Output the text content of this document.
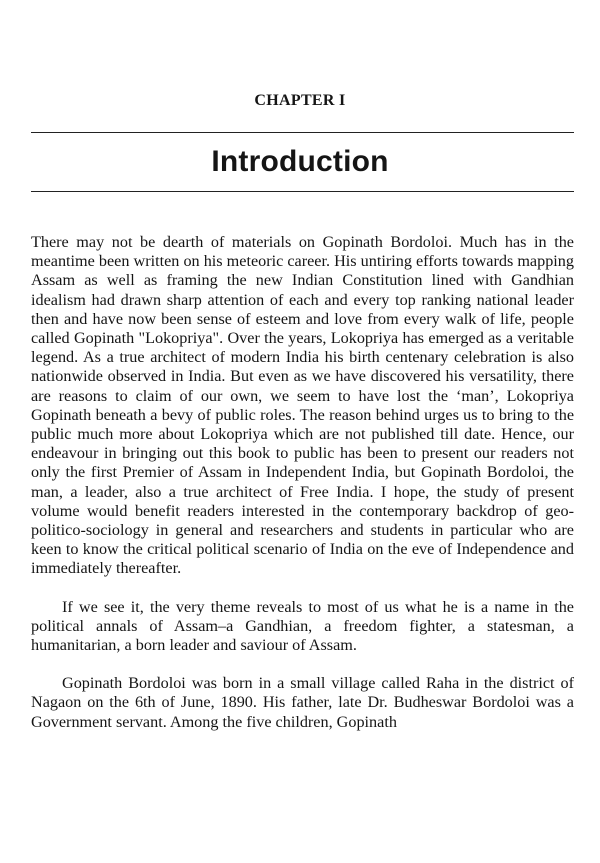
CHAPTER I
Introduction

There may not be dearth of materials on Gopinath Bordoloi. Much has in the meantime been written on his meteoric career. His untiring efforts towards mapping Assam as well as framing the new Indian Constitution lined with Gandhian idealism had drawn sharp attention of each and every top ranking national leader then and have now been sense of esteem and love from every walk of life, people called Gopinath "Lokopriya". Over the years, Lokopriya has emerged as a veritable legend. As a true architect of modern India his birth centenary celebration is also nationwide observed in India. But even as we have discovered his versatility, there are reasons to claim of our own, we seem to have lost the ‘man’, Lokopriya Gopinath beneath a bevy of public roles. The reason behind urges us to bring to the public much more about Lokopriya which are not published till date. Hence, our endeavour in bringing out this book to public has been to present our readers not only the first Premier of Assam in Independent India, but Gopinath Bordoloi, the man, a leader, also a true architect of Free India. I hope, the study of present volume would benefit readers interested in the contemporary backdrop of geo-politico-sociology in general and researchers and students in particular who are keen to know the critical political scenario of India on the eve of Independence and immediately thereafter.

If we see it, the very theme reveals to most of us what he is a name in the political annals of Assam–a Gandhian, a freedom fighter, a statesman, a humanitarian, a born leader and saviour of Assam.

Gopinath Bordoloi was born in a small village called Raha in the district of Nagaon on the 6th of June, 1890. His father, late Dr. Budheswar Bordoloi was a Government servant. Among the five children, Gopinath
